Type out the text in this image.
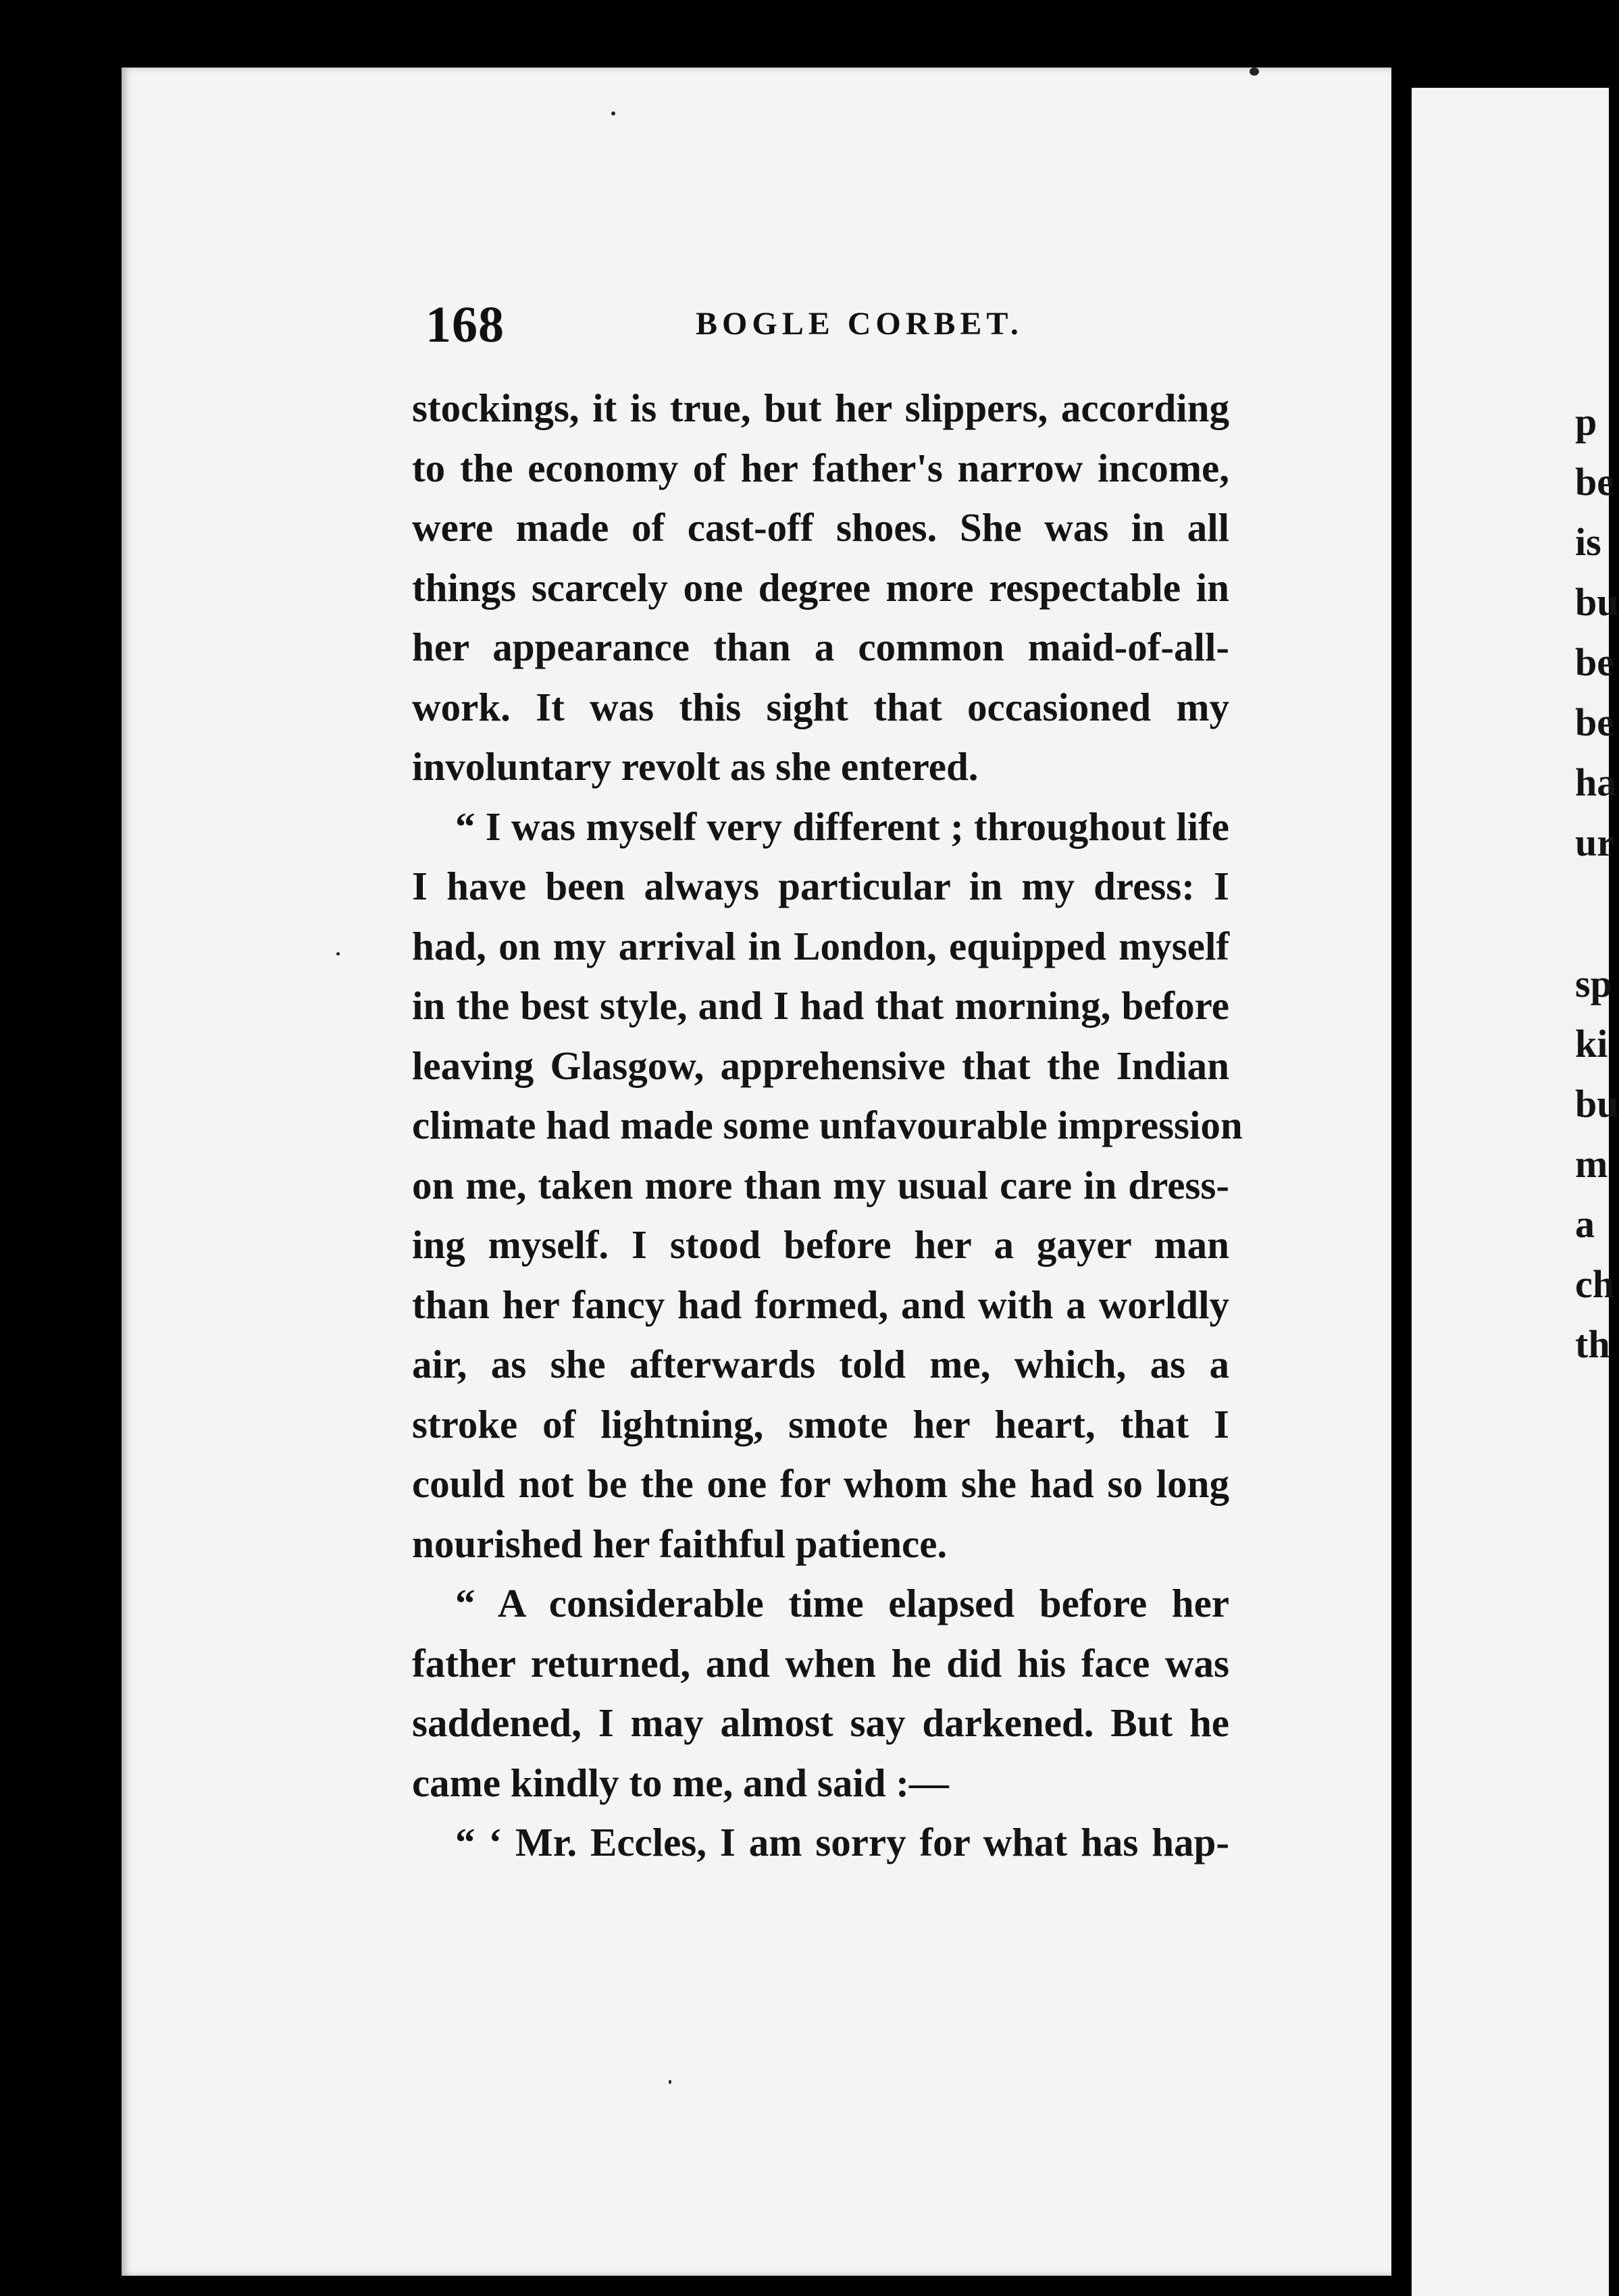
168	BOGLE CORBET.
stockings, it is true, but her slippers, according
to the economy of her father's narrow income,
were made of cast-off shoes. She was in all
things scarcely one degree more respectable in
her appearance than a common maid-of-all-
work. It was this sight that occasioned my
involuntary revolt as she entered.
“ I was myself very different ; throughout life
I have been always particular in my dress: I
had, on my arrival in London, equipped myself
in the best style, and I had that morning, before
leaving Glasgow, apprehensive that the Indian
climate had made some unfavourable impression
on me, taken more than my usual care in dress-
ing myself. I stood before her a gayer man
than her fancy had formed, and with a worldly
air, as she afterwards told me, which, as a
stroke of lightning, smote her heart, that I
could not be the one for whom she had so long
nourished her faithful patience.
“ A considerable time elapsed before her
father returned, and when he did his face was
saddened, I may almost say darkened. But he
came kindly to me, and said :—
“ ‘ Mr. Eccles, I am sorry for what has hap-
p
be
is
bu
be
be
ha
ur
sp
ki
bu
m
a
ch
th
